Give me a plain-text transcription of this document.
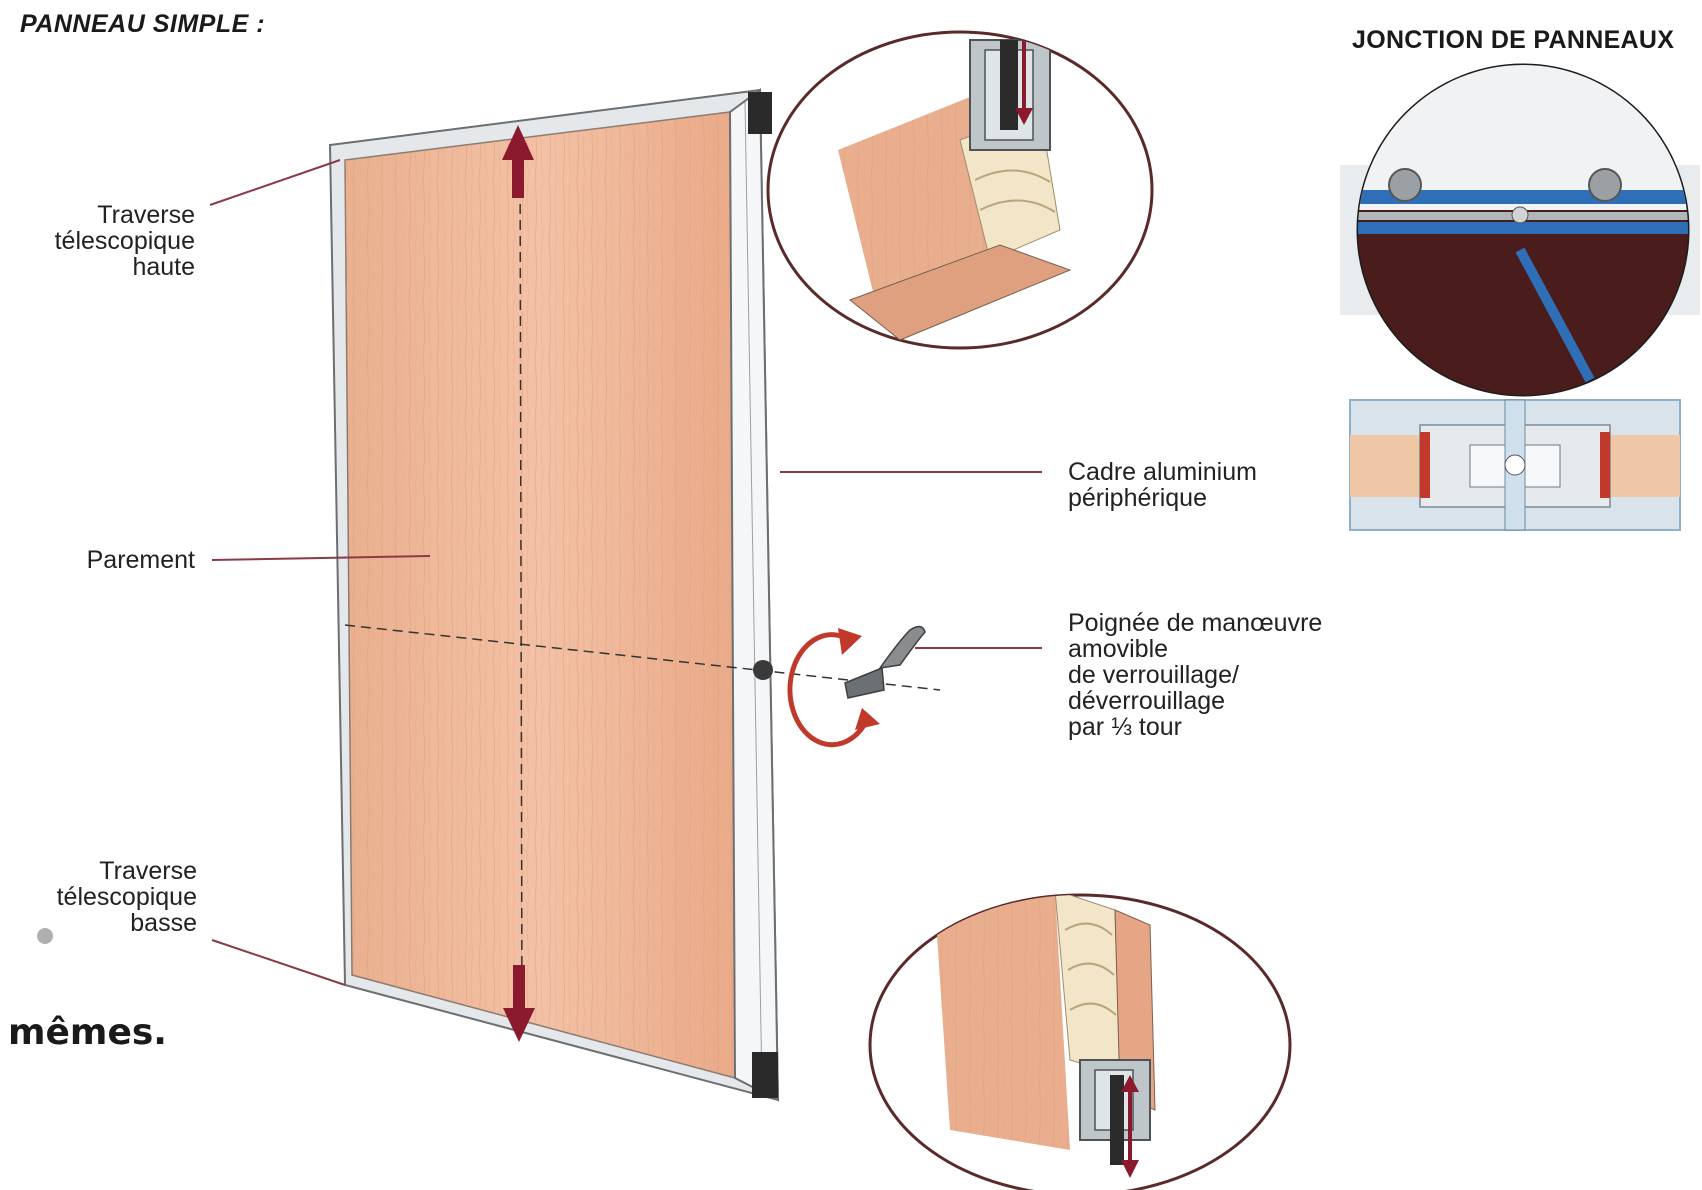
PANNEAU SIMPLE :
Traverse
télescopique
haute
Parement
Traverse
télescopique
basse
Cadre aluminium
périphérique
Poignée de manœuvre
amovible
de verrouillage/
déverrouillage
par ⅓ tour
JONCTION DE PANNEAUX
mêmes.
